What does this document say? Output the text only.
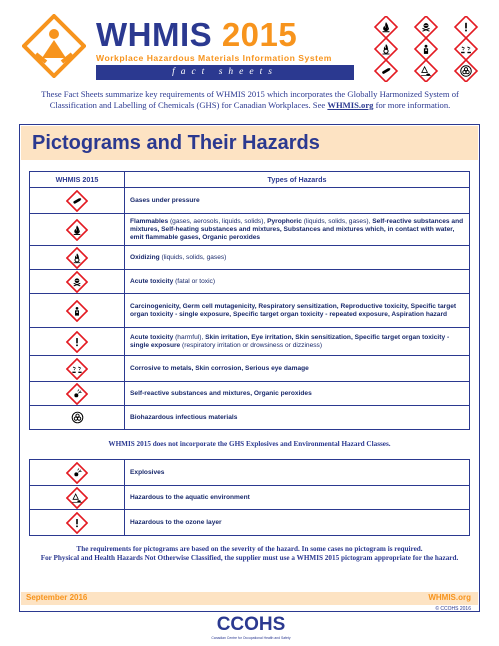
WHMIS 2015
Workplace Hazardous Materials Information System
fact sheets
These Fact Sheets summarize key requirements of WHMIS 2015 which incorporates the Globally Harmonized System of Classification and Labelling of Chemicals (GHS) for Canadian Workplaces. See WHMIS.org for more information.
Pictograms and Their Hazards
WHMIS 2015	Types of Hazards
	Gases under pressure
	Flammables (gases, aerosols, liquids, solids), Pyrophoric (liquids, solids, gases), Self-reactive substances and mixtures, Self-heating substances and mixtures, Substances and mixtures which, in contact with water, emit flammable gases, Organic peroxides
	Oxidizing (liquids, solids, gases)
	Acute toxicity (fatal or toxic)
	Carcinogenicity, Germ cell mutagenicity, Respiratory sensitization, Reproductive toxicity, Specific target organ toxicity - single exposure, Specific target organ toxicity - repeated exposure, Aspiration hazard
	Acute toxicity (harmful), Skin irritation, Eye irritation, Skin sensitization, Specific target organ toxicity - single exposure (respiratory irritation or drowsiness or dizziness)
	Corrosive to metals, Skin corrosion, Serious eye damage
	Self-reactive substances and mixtures, Organic peroxides
	Biohazardous infectious materials
WHMIS 2015 does not incorporate the GHS Explosives and Environmental Hazard Classes.
	Explosives
	Hazardous to the aquatic environment
	Hazardous to the ozone layer
The requirements for pictograms are based on the severity of the hazard. In some cases no pictogram is required.
For Physical and Health Hazards Not Otherwise Classified, the supplier must use a WHMIS 2015 pictogram appropriate for the hazard.
September 2016	WHMIS.org
© CCOHS 2016
CCOHS
Canadian Centre for Occupational Health and Safety
